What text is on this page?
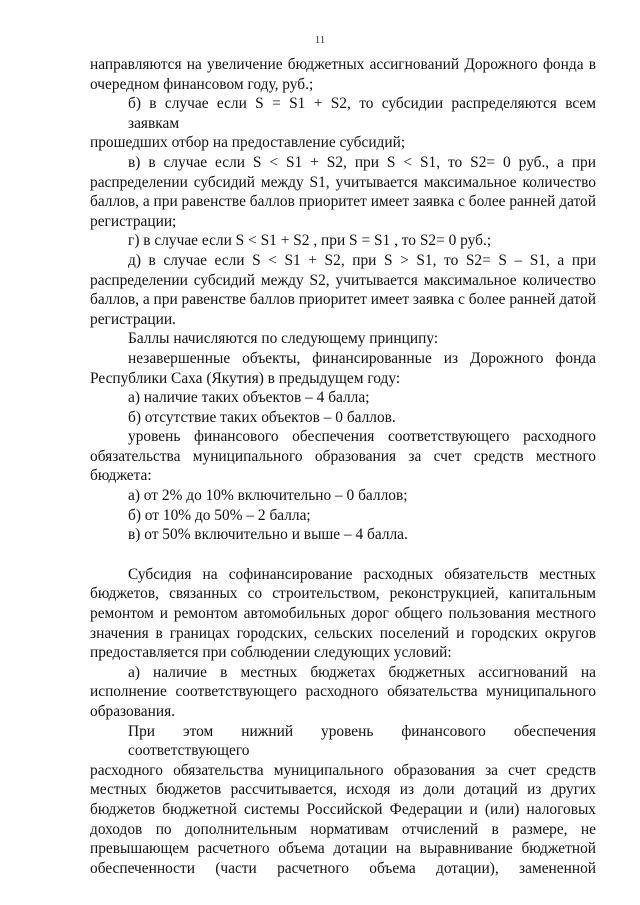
11
направляются на увеличение бюджетных ассигнований Дорожного фонда в
очередном финансовом году, руб.;
б) в случае если S = S1 + S2, то субсидии распределяются всем заявкам
прошедших отбор на предоставление субсидий;
в) в случае если S < S1 + S2, при S < S1, то S2= 0 руб., а при
распределении субсидий между S1, учитывается максимальное количество
баллов, а при равенстве баллов приоритет имеет заявка с более ранней датой
регистрации;
г) в случае если S < S1 + S2 , при S = S1 , то S2= 0 руб.;
д) в случае если S < S1 + S2, при S > S1, то S2= S – S1, а при
распределении субсидий между S2, учитывается максимальное количество
баллов, а при равенстве баллов приоритет имеет заявка с более ранней датой
регистрации.
Баллы начисляются по следующему принципу:
незавершенные объекты, финансированные из Дорожного фонда
Республики Саха (Якутия) в предыдущем году:
а) наличие таких объектов – 4 балла;
б) отсутствие таких объектов – 0 баллов.
уровень финансового обеспечения соответствующего расходного
обязательства муниципального образования за счет средств местного
бюджета:
а) от 2% до 10% включительно – 0 баллов;
б) от 10% до 50% – 2 балла;
в) от 50% включительно и выше – 4 балла.
Субсидия на софинансирование расходных обязательств местных
бюджетов, связанных со строительством, реконструкцией, капитальным
ремонтом и ремонтом автомобильных дорог общего пользования местного
значения в границах городских, сельских поселений и городских округов
предоставляется при соблюдении следующих условий:
а) наличие в местных бюджетах бюджетных ассигнований на
исполнение соответствующего расходного обязательства муниципального
образования.
При этом нижний уровень финансового обеспечения соответствующего
расходного обязательства муниципального образования за счет средств
местных бюджетов рассчитывается, исходя из доли дотаций из других
бюджетов бюджетной системы Российской Федерации и (или) налоговых
доходов по дополнительным нормативам отчислений в размере, не
превышающем расчетного объема дотации на выравнивание бюджетной
обеспеченности (части расчетного объема дотации), замененной
